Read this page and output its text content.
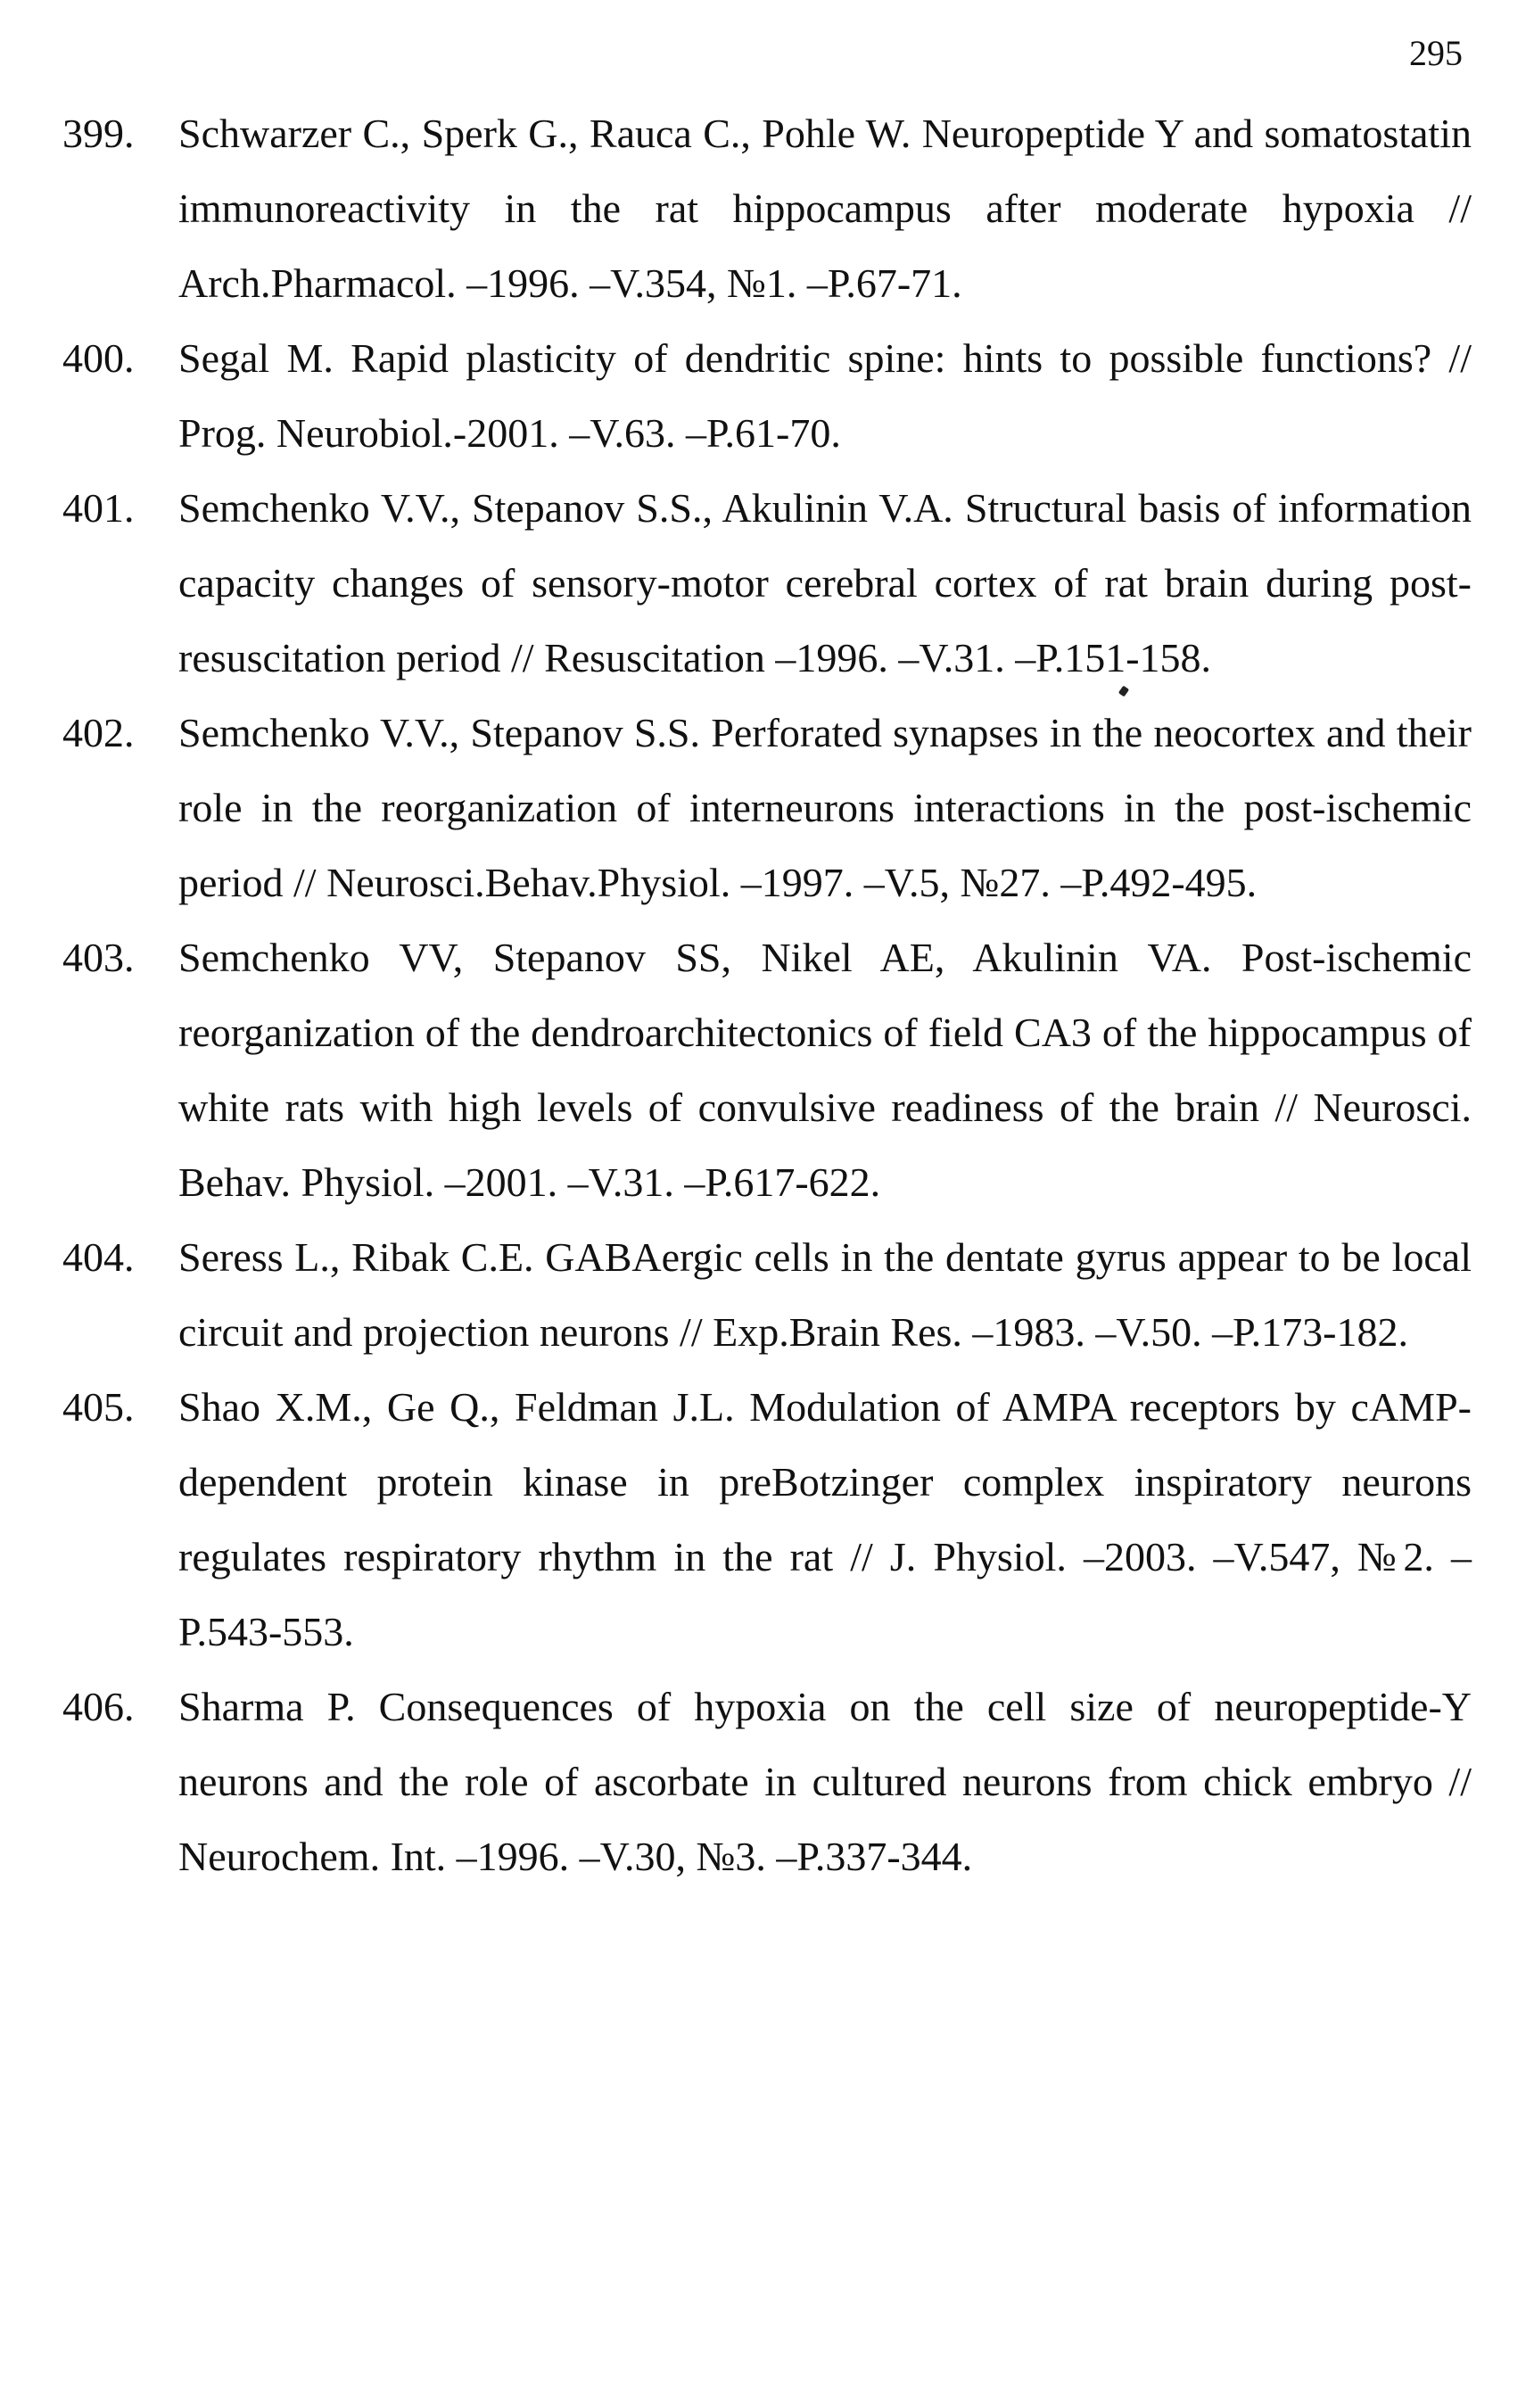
295
399.	Schwarzer C., Sperk G., Rauca C., Pohle W. Neuropeptide Y and somatostatin immunoreactivity in the rat hippocampus after moderate hypoxia // Arch.Pharmacol. –1996. –V.354, №1. –P.67-71.
400.	Segal M. Rapid plasticity of dendritic spine: hints to possible functions? // Prog. Neurobiol.-2001. –V.63. –P.61-70.
401.	Semchenko V.V., Stepanov S.S., Akulinin V.A. Structural basis of information capacity changes of sensory-motor cerebral cortex of rat brain during post-resuscitation period // Resuscitation –1996. –V.31. –P.151-158.
402.	Semchenko V.V., Stepanov S.S. Perforated synapses in the neocortex and their role in the reorganization of interneurons interactions in the post-ischemic period // Neurosci.Behav.Physiol. –1997. –V.5, №27. –P.492-495.
403.	Semchenko VV, Stepanov SS, Nikel AE, Akulinin VA. Post-ischemic reorganization of the dendroarchitectonics of field CA3 of the hippocampus of white rats with high levels of convulsive readiness of the brain // Neurosci. Behav. Physiol. –2001. –V.31. –P.617-622.
404.	Seress L., Ribak C.E. GABAergic cells in the dentate gyrus appear to be local circuit and projection neurons // Exp.Brain Res. –1983. –V.50. –P.173-182.
405.	Shao X.M., Ge Q., Feldman J.L. Modulation of AMPA receptors by cAMP-dependent protein kinase in preBotzinger complex inspiratory neurons regulates respiratory rhythm in the rat // J. Physiol. –2003. –V.547, №2. –P.543-553.
406.	Sharma P. Consequences of hypoxia on the cell size of neuropeptide-Y neurons and the role of ascorbate in cultured neurons from chick embryo // Neurochem. Int. –1996. –V.30, №3. –P.337-344.
